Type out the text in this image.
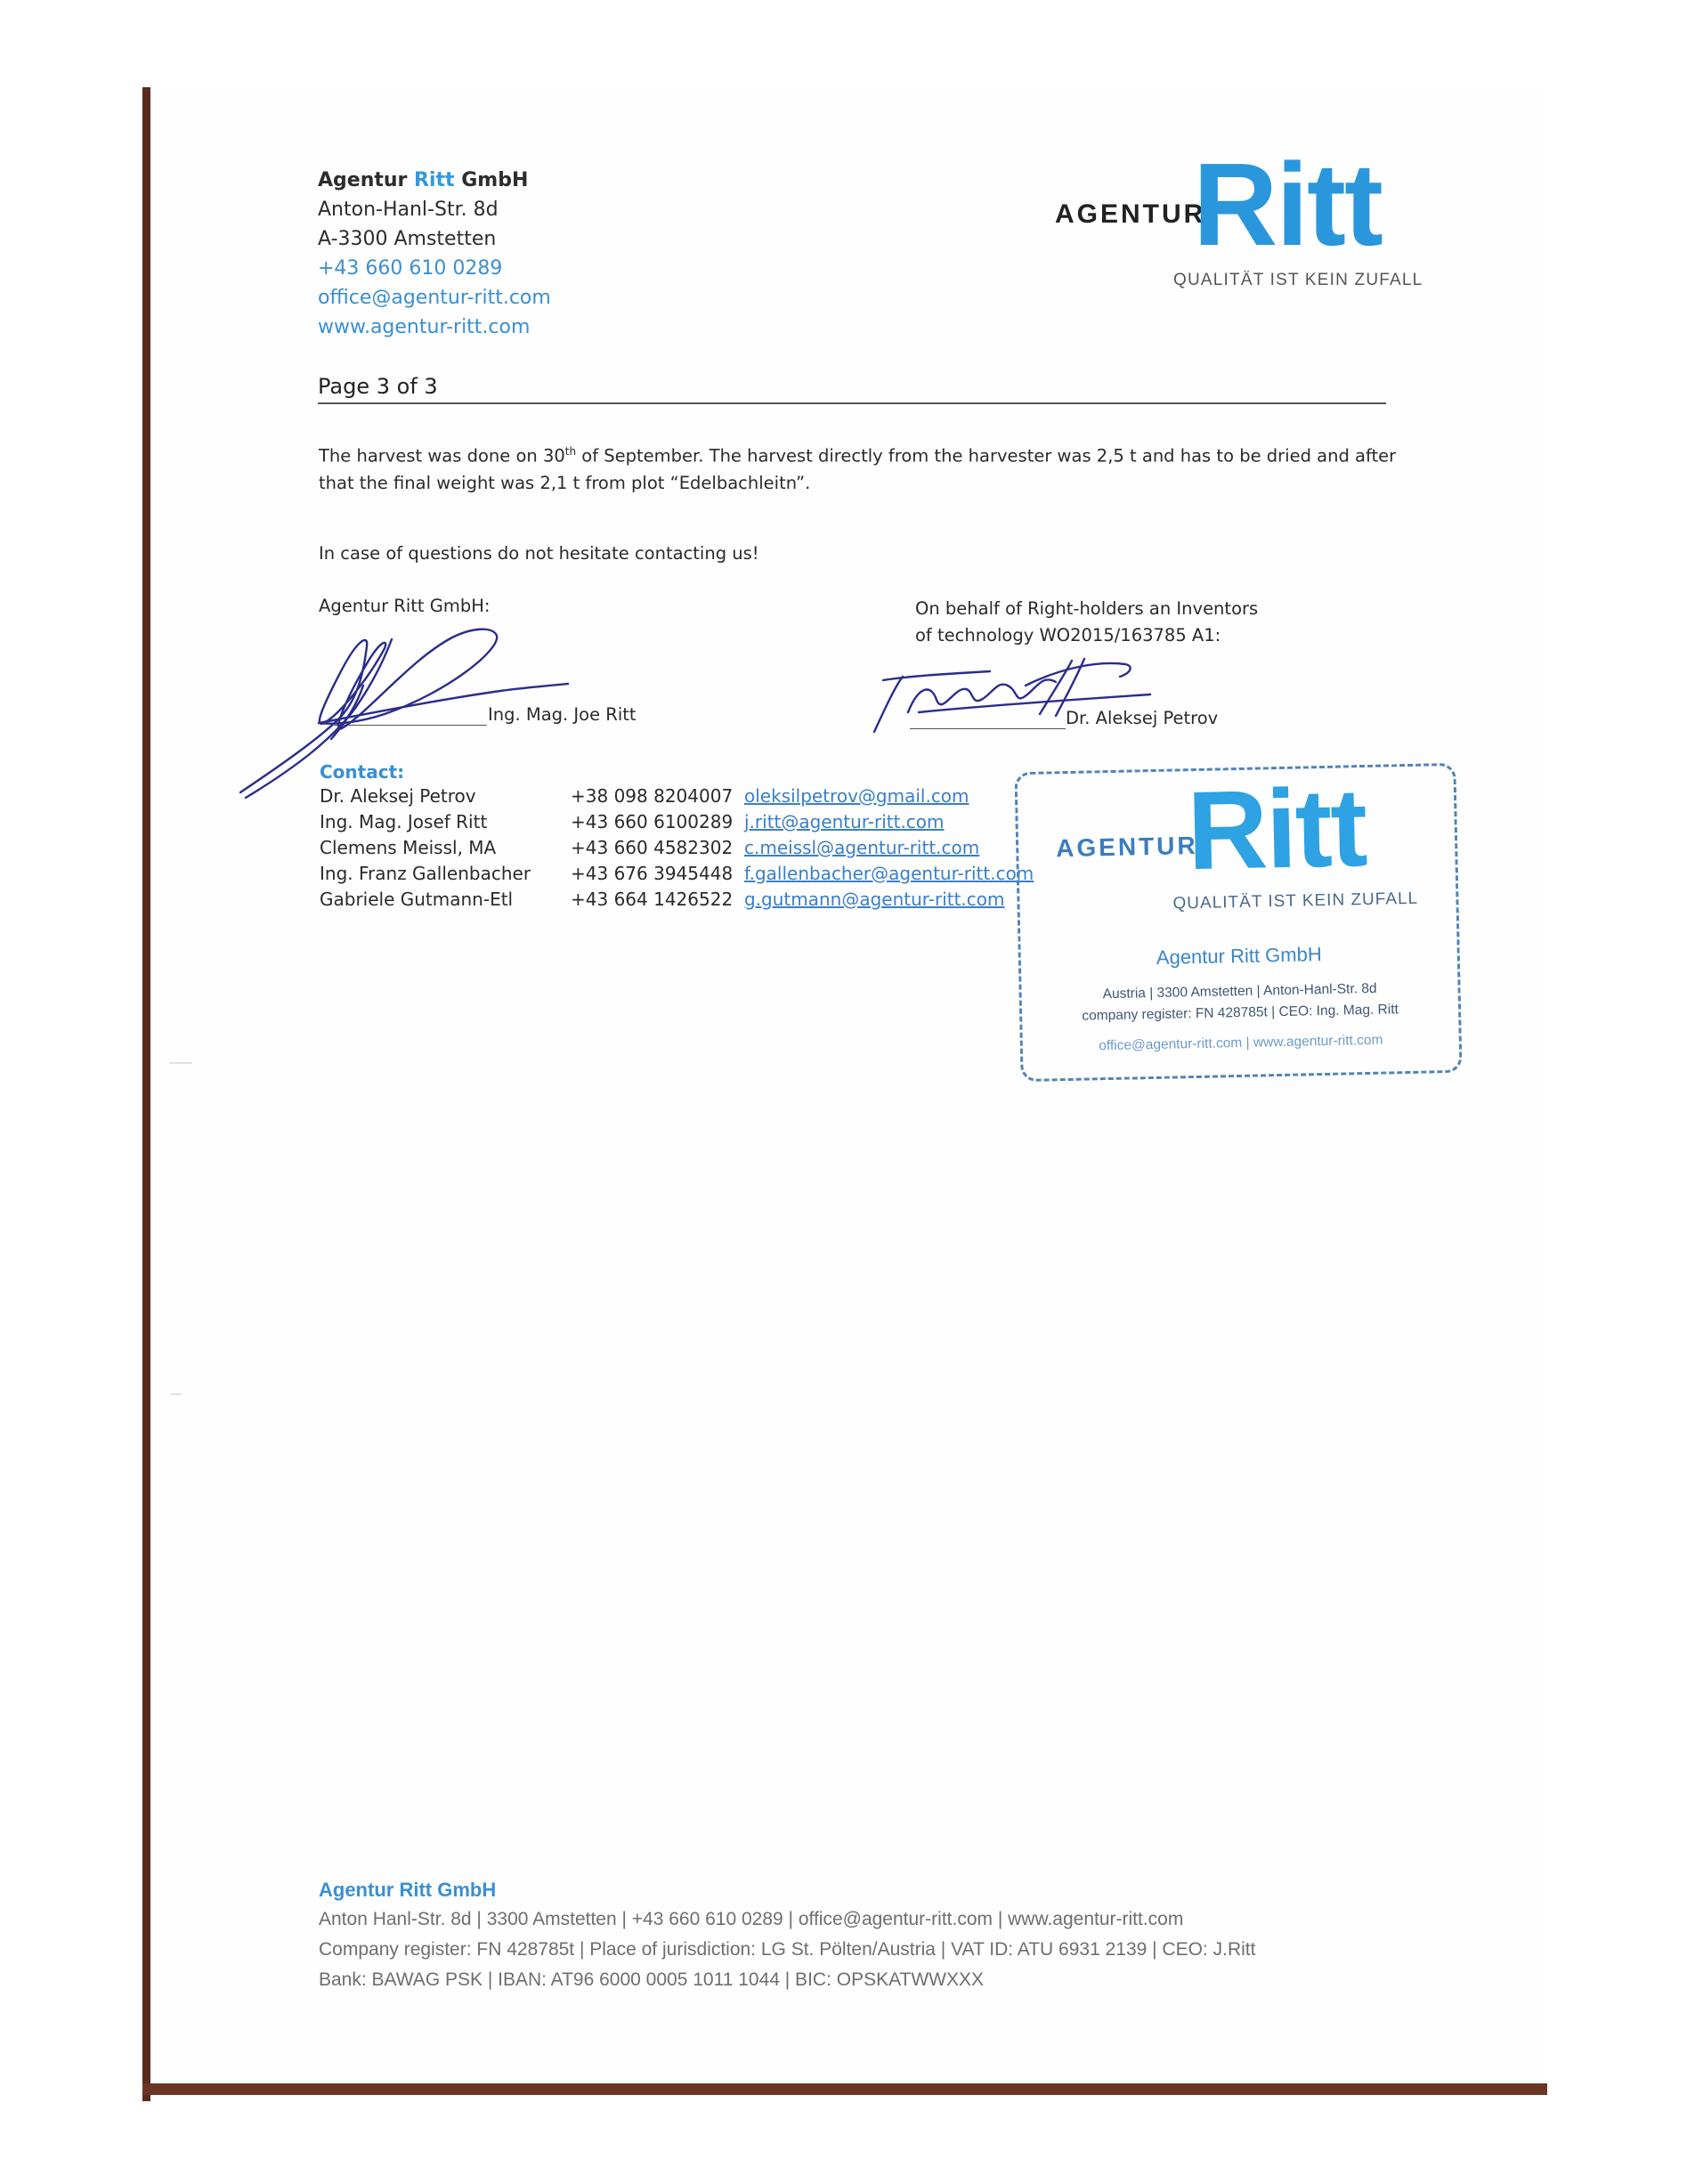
Agentur Ritt GmbH
Anton-Hanl-Str. 8d
A-3300 Amstetten
+43 660 610 0289
office@agentur-ritt.com
www.agentur-ritt.com
AGENTUR
Ritt
QUALITÄT IST KEIN ZUFALL
Page 3 of 3
The harvest was done on 30th of September. The harvest directly from the harvester was 2,5 t and has to be dried and after
that the final weight was 2,1 t from plot “Edelbachleitn”.
In case of questions do not hesitate contacting us!
Agentur Ritt GmbH:	On behalf of Right-holders an Inventors
of technology WO2015/163785 A1:
Ing. Mag. Joe Ritt	Dr. Aleksej Petrov
Contact:
Dr. Aleksej Petrov	+38 098 8204007 oleksilpetrov@gmail.com
Ing. Mag. Josef Ritt	+43 660 6100289 j.ritt@agentur-ritt.com
Clemens Meissl, MA	+43 660 4582302 c.meissl@agentur-ritt.com
Ing. Franz Gallenbacher +43 676 3945448 f.gallenbacher@agentur-ritt.com
Gabriele Gutmann-Etl	+43 664 1426522 g.gutmann@agentur-ritt.com
AGENTUR
Ritt
QUALITÄT IST KEIN ZUFALL
Agentur Ritt GmbH
Austria | 3300 Amstetten | Anton-Hanl-Str. 8d
company register: FN 428785t | CEO: Ing. Mag. Ritt
office@agentur-ritt.com | www.agentur-ritt.com
Agentur Ritt GmbH
Anton Hanl-Str. 8d | 3300 Amstetten | +43 660 610 0289 | office@agentur-ritt.com | www.agentur-ritt.com
Company register: FN 428785t | Place of jurisdiction: LG St. Pölten/Austria | VAT ID: ATU 6931 2139 | CEO: J.Ritt
Bank: BAWAG PSK | IBAN: AT96 6000 0005 1011 1044 | BIC: OPSKATWWXXX
